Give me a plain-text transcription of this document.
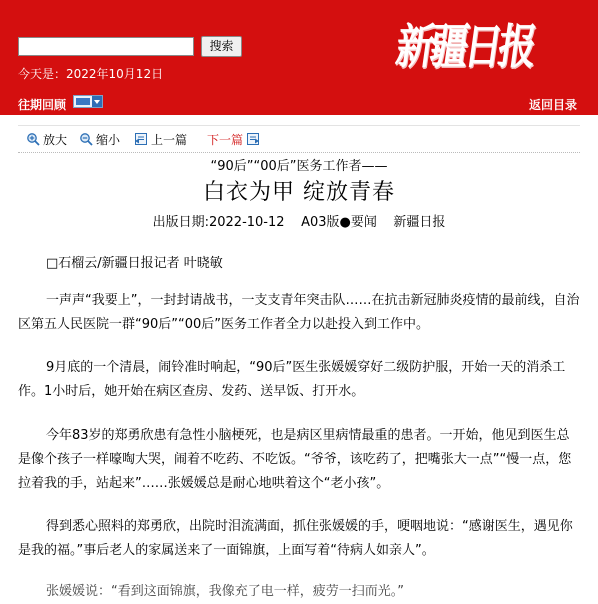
搜索
今天是：2022年10月12日	新疆日报
往期回顾	返回目录
放大 缩小	上一篇 下一篇
“90后”“00后”医务工作者——
白衣为甲 绽放青春
出版日期:2022-10-12    A03版●要闻    新疆日报
□石榴云/新疆日报记者 叶晓敏
一声声“我要上”，一封封请战书，一支支青年突击队……在抗击新冠肺炎疫情的最前线，自治区第五人民医院一群“90后”“00后”医务工作者全力以赴投入到工作中。
9月底的一个清晨，闹铃准时响起，“90后”医生张媛媛穿好二级防护服，开始一天的消杀工作。1小时后，她开始在病区查房、发药、送早饭、打开水。
今年83岁的郑勇欣患有急性小脑梗死，也是病区里病情最重的患者。一开始，他见到医生总是像个孩子一样嚎啕大哭，闹着不吃药、不吃饭。“爷爷，该吃药了，把嘴张大一点”“慢一点，您拉着我的手，站起来”……张媛媛总是耐心地哄着这个“老小孩”。
得到悉心照料的郑勇欣，出院时泪流满面，抓住张媛媛的手，哽咽地说：“感谢医生，遇见你是我的福。”事后老人的家属送来了一面锦旗，上面写着“待病人如亲人”。
张媛媛说：“看到这面锦旗，我像充了电一样，疲劳一扫而光。”
